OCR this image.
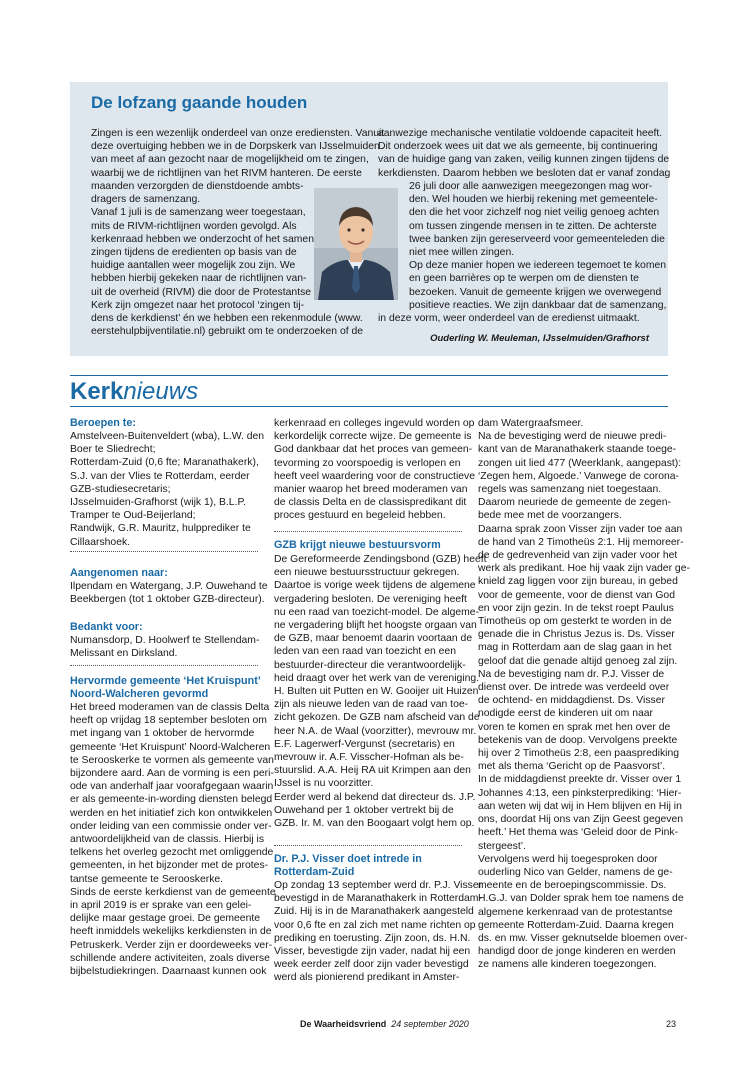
De lofzang gaande houden
Zingen is een wezenlijk onderdeel van onze erediensten. Vanuit
deze overtuiging hebben we in de Dorpskerk van IJsselmuiden
van meet af aan gezocht naar de mogelijkheid om te zingen,
waarbij we de richtlijnen van het RIVM hanteren. De eerste
maanden verzorgden de dienstdoende ambts-
dragers de samenzang.
Vanaf 1 juli is de samenzang weer toegestaan,
mits de RIVM-richtlijnen worden gevolgd. Als
kerkenraad hebben we onderzocht of het samen
zingen tijdens de eredienten op basis van de
huidige aantallen weer mogelijk zou zijn. We
hebben hierbij gekeken naar de richtlijnen van-
uit de overheid (RIVM) die door de Protestantse
Kerk zijn omgezet naar het protocol ‘zingen tij-
dens de kerkdienst’ én we hebben een rekenmodule (www.
eerstehulpbijventilatie.nl) gebruikt om te onderzoeken of de
aanwezige mechanische ventilatie voldoende capaciteit heeft.
Dit onderzoek wees uit dat we als gemeente, bij continuering
van de huidige gang van zaken, veilig kunnen zingen tijdens de
kerkdiensten. Daarom hebben we besloten dat er vanaf zondag
26 juli door alle aanwezigen meegezongen mag wor-
den. Wel houden we hierbij rekening met gemeentele-
den die het voor zichzelf nog niet veilig genoeg achten
om tussen zingende mensen in te zitten. De achterste
twee banken zijn gereserveerd voor gemeenteleden die
niet mee willen zingen.
Op deze manier hopen we iedereen tegemoet te komen
en geen barrières op te werpen om de diensten te
bezoeken. Vanuit de gemeente krijgen we overwegend
positieve reacties. We zijn dankbaar dat de samenzang,
in deze vorm, weer onderdeel van de eredienst uitmaakt.
Ouderling W. Meuleman, IJsselmuiden/Grafhorst
Kerknieuws
Beroepen te:
Amstelveen-Buitenveldert (wba), L.W. den
Boer te Sliedrecht;
Rotterdam-Zuid (0,6 fte; Maranathakerk),
S.J. van der Vlies te Rotterdam, eerder
GZB-studiesecretaris;
IJsselmuiden-Grafhorst (wijk 1), B.L.P.
Tramper te Oud-Beijerland;
Randwijk, G.R. Mauritz, hulpprediker te
Cillaarshoek.
Aangenomen naar:
Ilpendam en Watergang, J.P. Ouwehand te
Beekbergen (tot 1 oktober GZB-directeur).
Bedankt voor:
Numansdorp, D. Hoolwerf te Stellendam-
Melissant en Dirksland.
Hervormde gemeente ‘Het Kruispunt’
Noord-Walcheren gevormd
Het breed moderamen van de classis Delta
heeft op vrijdag 18 september besloten om
met ingang van 1 oktober de hervormde
gemeente ‘Het Kruispunt’ Noord-Walcheren
te Serooskerke te vormen als gemeente van
bijzondere aard. Aan de vorming is een peri-
ode van anderhalf jaar voorafgegaan waarin
er als gemeente-in-wording diensten belegd
werden en het initiatief zich kon ontwikkelen
onder leiding van een commissie onder ver-
antwoordelijkheid van de classis. Hierbij is
telkens het overleg gezocht met omliggende
gemeenten, in het bijzonder met de protes-
tantse gemeente te Serooskerke.
Sinds de eerste kerkdienst van de gemeente
in april 2019 is er sprake van een gelei-
delijke maar gestage groei. De gemeente
heeft inmiddels wekelijks kerkdiensten in de
Petruskerk. Verder zijn er doordeweeks ver-
schillende andere activiteiten, zoals diverse
bijbelstudiekringen. Daarnaast kunnen ook
kerkenraad en colleges ingevuld worden op
kerkordelijk correcte wijze. De gemeente is
God dankbaar dat het proces van gemeen-
tevorming zo voorspoedig is verlopen en
heeft veel waardering voor de constructieve
manier waarop het breed moderamen van
de classis Delta en de classispredikant dit
proces gestuurd en begeleid hebben.
GZB krijgt nieuwe bestuursvorm
De Gereformeerde Zendingsbond (GZB) heeft
een nieuwe bestuursstructuur gekregen.
Daartoe is vorige week tijdens de algemene
vergadering besloten. De vereniging heeft
nu een raad van toezicht-model. De algeme-
ne vergadering blijft het hoogste orgaan van
de GZB, maar benoemt daarin voortaan de
leden van een raad van toezicht en een
bestuurder-directeur die verantwoordelijk-
heid draagt over het werk van de vereniging.
H. Bulten uit Putten en W. Gooijer uit Huizen
zijn als nieuwe leden van de raad van toe-
zicht gekozen. De GZB nam afscheid van de
heer N.A. de Waal (voorzitter), mevrouw mr.
E.F. Lagerwerf-Vergunst (secretaris) en
mevrouw ir. A.F. Visscher-Hofman als be-
stuurslid. A.A. Heij RA uit Krimpen aan den
IJssel is nu voorzitter.
Eerder werd al bekend dat directeur ds. J.P.
Ouwehand per 1 oktober vertrekt bij de
GZB. Ir. M. van den Boogaart volgt hem op.
Dr. P.J. Visser doet intrede in
Rotterdam-Zuid
Op zondag 13 september werd dr. P.J. Visser
bevestigd in de Maranathakerk in Rotterdam-
Zuid. Hij is in de Maranathakerk aangesteld
voor 0,6 fte en zal zich met name richten op
prediking en toerusting. Zijn zoon, ds. H.N.
Visser, bevestigde zijn vader, nadat hij een
week eerder zelf door zijn vader bevestigd
werd als pionierend predikant in Amster-
dam Watergraafsmeer.
Na de bevestiging werd de nieuwe predi-
kant van de Maranathakerk staande toege-
zongen uit lied 477 (Weerklank, aangepast):
‘Zegen hem, Algoede.’ Vanwege de corona-
regels was samenzang niet toegestaan.
Daarom neuriede de gemeente de zegen-
bede mee met de voorzangers.
Daarna sprak zoon Visser zijn vader toe aan
de hand van 2 Timotheüs 2:1. Hij memoreer-
de de gedrevenheid van zijn vader voor het
werk als predikant. Hoe hij vaak zijn vader ge-
knield zag liggen voor zijn bureau, in gebed
voor de gemeente, voor de dienst van God
en voor zijn gezin. In de tekst roept Paulus
Timotheüs op om gesterkt te worden in de
genade die in Christus Jezus is. Ds. Visser
mag in Rotterdam aan de slag gaan in het
geloof dat die genade altijd genoeg zal zijn.
Na de bevestiging nam dr. P.J. Visser de
dienst over. De intrede was verdeeld over
de ochtend- en middagdienst. Ds. Visser
nodigde eerst de kinderen uit om naar
voren te komen en sprak met hen over de
betekenis van de doop. Vervolgens preekte
hij over 2 Timotheüs 2:8, een paasprediking
met als thema ‘Gericht op de Paasvorst’.
In de middagdienst preekte dr. Visser over 1
Johannes 4:13, een pinksterprediking: ‘Hier-
aan weten wij dat wij in Hem blijven en Hij in
ons, doordat Hij ons van Zijn Geest gegeven
heeft.’ Het thema was ‘Geleid door de Pink-
stergeest’.
Vervolgens werd hij toegesproken door
ouderling Nico van Gelder, namens de ge-
meente en de beroepingscommissie. Ds.
H.G.J. van Dolder sprak hem toe namens de
algemene kerkenraad van de protestantse
gemeente Rotterdam-Zuid. Daarna kregen
ds. en mw. Visser geknutselde bloemen over-
handigd door de jonge kinderen en werden
ze namens alle kinderen toegezongen.
De Waarheidsvriend 24 september 2020	23
